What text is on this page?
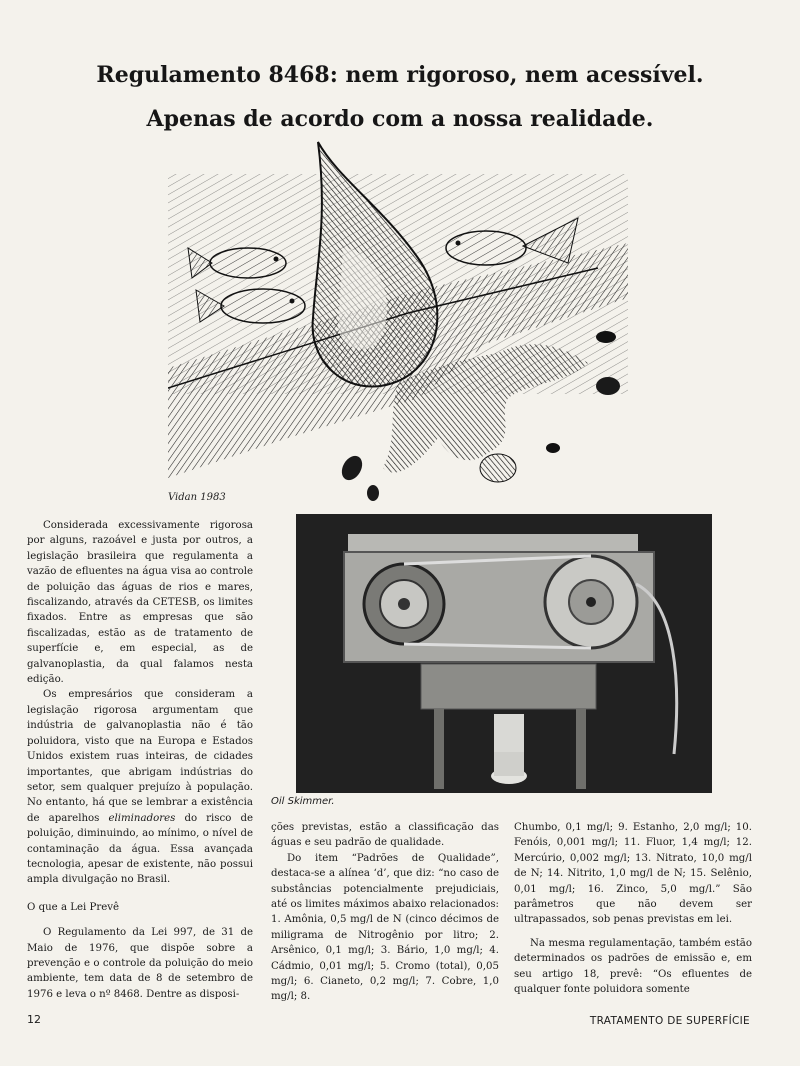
Regulamento 8468: nem rigoroso, nem acessível.
Apenas de acordo com a nossa realidade.
Vidan 1983
Oil Skimmer.

Considerada excessivamente rigorosa por alguns, razoável e justa por outros, a legislação brasileira que regulamenta a vazão de efluentes na água visa ao controle de poluição das águas de rios e mares, fiscalizando, através da CETESB, os limites fixados. Entre as empresas que são fiscalizadas, estão as de tratamento de superfície e, em especial, as de galvanoplastia, da qual falamos nesta edição.

Os empresários que consideram a legislação rigorosa argumentam que indústria de galvanoplastia não é tão poluidora, visto que na Europa e Estados Unidos existem ruas inteiras, de cidades importantes, que abrigam indústrias do setor, sem qualquer prejuízo à população. No entanto, há que se lembrar a existência de aparelhos eliminadores do risco de poluição, diminuindo, ao mínimo, o nível de contaminação da água. Essa avançada tecnologia, apesar de existente, não possui ampla divulgação no Brasil.

O que a Lei Prevê

O Regulamento da Lei 997, de 31 de Maio de 1976, que dispõe sobre a prevenção e o controle da poluição do meio ambiente, tem data de 8 de setembro de 1976 e leva o nº 8468. Dentre as disposi-

ções previstas, estão a classificação das águas e seu padrão de qualidade.

Do item “Padrões de Qualidade”, destaca-se a alínea ‘d’, que diz: “no caso de substâncias potencialmente prejudiciais, até os limites máximos abaixo relacionados: 1. Amônia, 0,5 mg/l de N (cinco décimos de miligrama de Nitrogênio por litro; 2. Arsênico, 0,1 mg/l; 3. Bário, 1,0 mg/l; 4. Cádmio, 0,01 mg/l; 5. Cromo (total), 0,05 mg/l; 6. Cianeto, 0,2 mg/l; 7. Cobre, 1,0 mg/l; 8.

Chumbo, 0,1 mg/l; 9. Estanho, 2,0 mg/l; 10. Fenóis, 0,001 mg/l; 11. Fluor, 1,4 mg/l; 12. Mercúrio, 0,002 mg/l; 13. Nitrato, 10,0 mg/l de N; 14. Nitrito, 1,0 mg/l de N; 15. Selênio, 0,01 mg/l; 16. Zinco, 5,0 mg/l.” São parâmetros que não devem ser ultrapassados, sob penas previstas em lei.

Na mesma regulamentação, também estão determinados os padrões de emissão e, em seu artigo 18, prevê: “Os efluentes de qualquer fonte poluidora somente

12	TRATAMENTO DE SUPERFÍCIE
